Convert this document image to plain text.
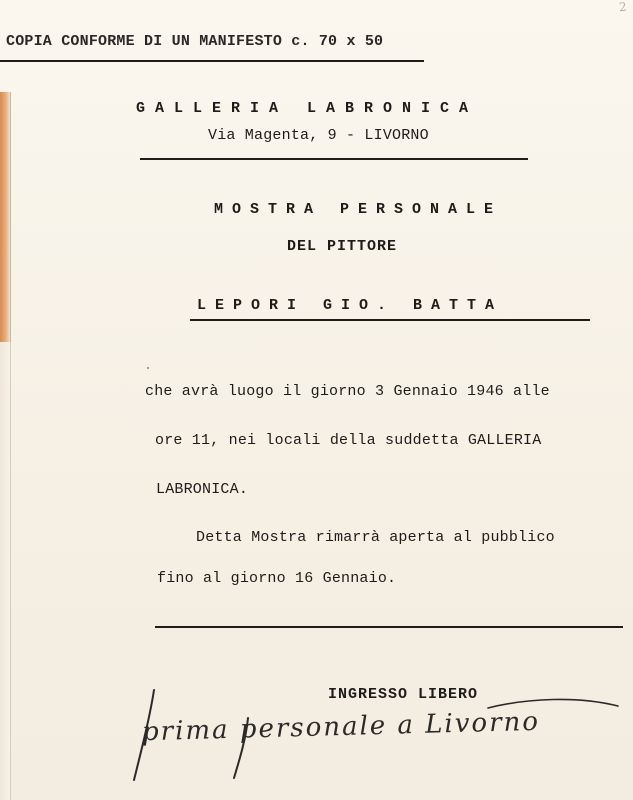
2
COPIA CONFORME DI UN MANIFESTO c. 70 x 50
GALLERIA LABRONICA
Via Magenta, 9 - LIVORNO
MOSTRA PERSONALE
DEL PITTORE
LEPORI GIO. BATTA
che avrà luogo il giorno 3 Gennaio 1946 alle
ore 11, nei locali della suddetta GALLERIA
LABRONICA.
Detta Mostra rimarrà aperta al pubblico
fino al giorno 16 Gennaio.
INGRESSO LIBERO
prima personale a Livorno
